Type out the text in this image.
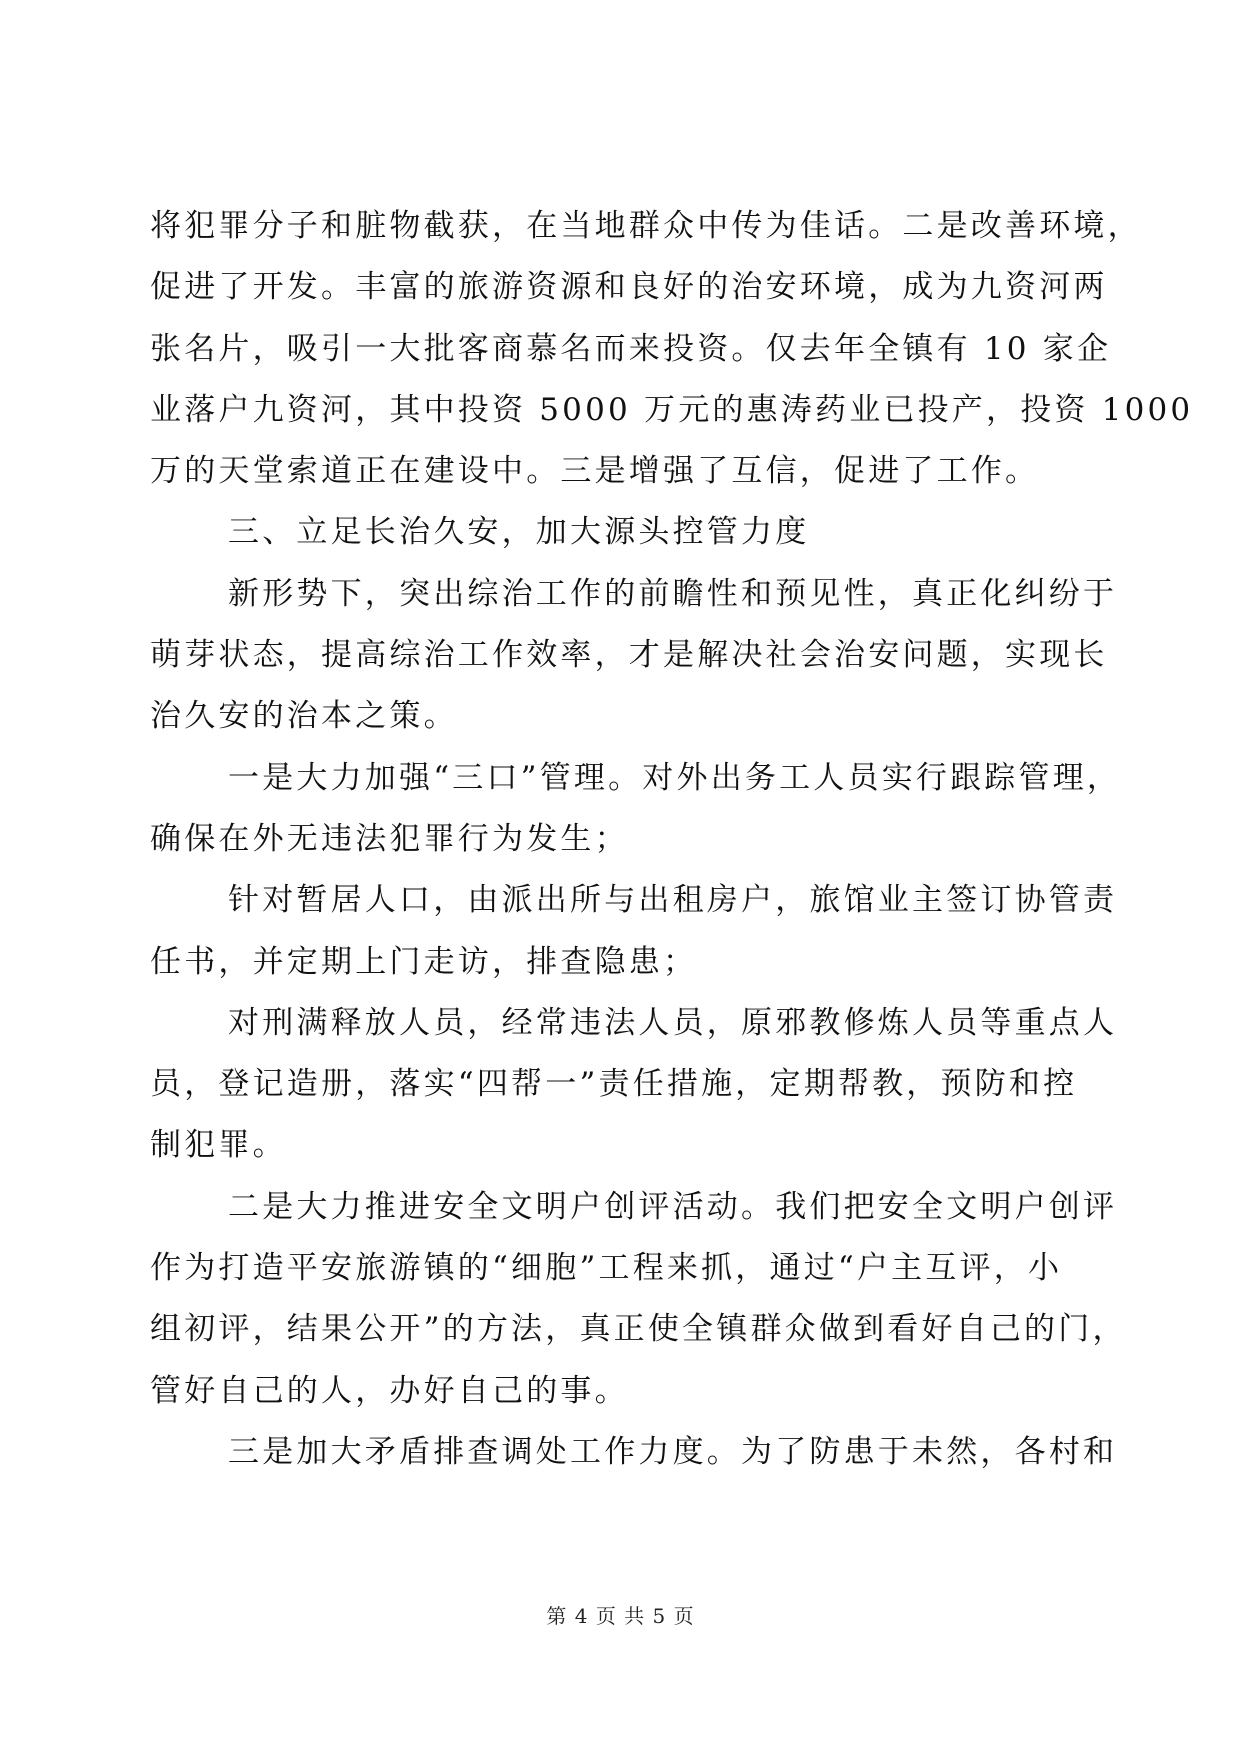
将犯罪分子和脏物截获，在当地群众中传为佳话。二是改善环境，
促进了开发。丰富的旅游资源和良好的治安环境，成为九资河两
张名片，吸引一大批客商慕名而来投资。仅去年全镇有 10 家企
业落户九资河，其中投资 5000 万元的惠涛药业已投产，投资 1000
万的天堂索道正在建设中。三是增强了互信，促进了工作。
三、立足长治久安，加大源头控管力度
新形势下，突出综治工作的前瞻性和预见性，真正化纠纷于
萌芽状态，提高综治工作效率，才是解决社会治安问题，实现长
治久安的治本之策。
一是大力加强“三口”管理。对外出务工人员实行跟踪管理，
确保在外无违法犯罪行为发生；
针对暂居人口，由派出所与出租房户，旅馆业主签订协管责
任书，并定期上门走访，排查隐患；
对刑满释放人员，经常违法人员，原邪教修炼人员等重点人
员，登记造册，落实“四帮一”责任措施，定期帮教，预防和控
制犯罪。
二是大力推进安全文明户创评活动。我们把安全文明户创评
作为打造平安旅游镇的“细胞”工程来抓，通过“户主互评，小
组初评，结果公开”的方法，真正使全镇群众做到看好自己的门，
管好自己的人，办好自己的事。
三是加大矛盾排查调处工作力度。为了防患于未然，各村和
第 4 页 共 5 页
